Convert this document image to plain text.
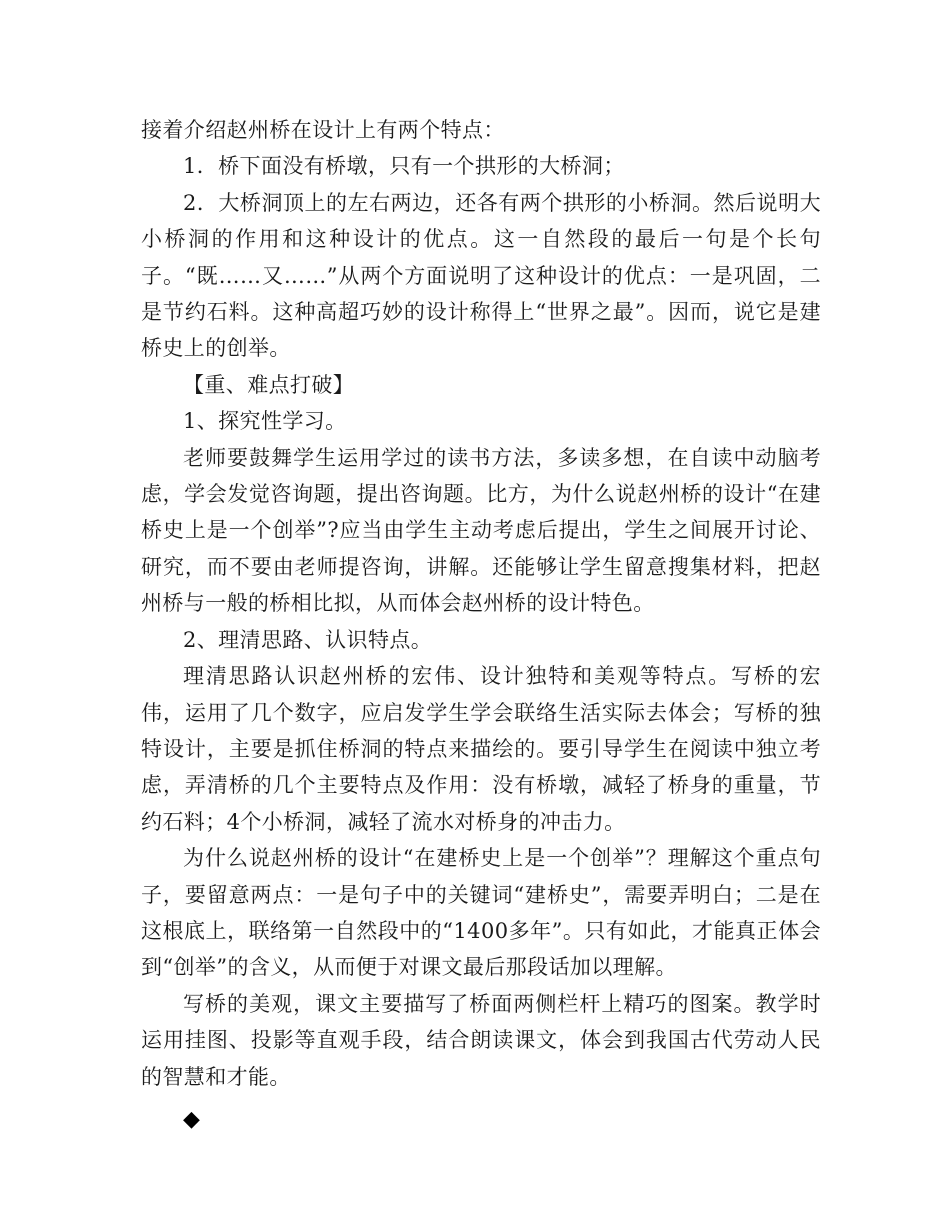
接着介绍赵州桥在设计上有两个特点：

1．桥下面没有桥墩，只有一个拱形的大桥洞；

2．大桥洞顶上的左右两边，还各有两个拱形的小桥洞。然后说明大小桥洞的作用和这种设计的优点。这一自然段的最后一句是个长句子。“既……又……”从两个方面说明了这种设计的优点：一是巩固，二是节约石料。这种高超巧妙的设计称得上“世界之最”。因而，说它是建桥史上的创举。

【重、难点打破】

1、探究性学习。

老师要鼓舞学生运用学过的读书方法，多读多想，在自读中动脑考虑，学会发觉咨询题，提出咨询题。比方，为什么说赵州桥的设计“在建桥史上是一个创举”?应当由学生主动考虑后提出，学生之间展开讨论、研究，而不要由老师提咨询，讲解。还能够让学生留意搜集材料，把赵州桥与一般的桥相比拟，从而体会赵州桥的设计特色。

2、理清思路、认识特点。

理清思路认识赵州桥的宏伟、设计独特和美观等特点。写桥的宏伟，运用了几个数字，应启发学生学会联络生活实际去体会；写桥的独特设计，主要是抓住桥洞的特点来描绘的。要引导学生在阅读中独立考虑，弄清桥的几个主要特点及作用：没有桥墩，减轻了桥身的重量，节约石料；4个小桥洞，减轻了流水对桥身的冲击力。

为什么说赵州桥的设计“在建桥史上是一个创举”？理解这个重点句子，要留意两点：一是句子中的关键词“建桥史”，需要弄明白；二是在这根底上，联络第一自然段中的“1400多年”。只有如此，才能真正体会到“创举”的含义，从而便于对课文最后那段话加以理解。

写桥的美观，课文主要描写了桥面两侧栏杆上精巧的图案。教学时运用挂图、投影等直观手段，结合朗读课文，体会到我国古代劳动人民的智慧和才能。

◆
